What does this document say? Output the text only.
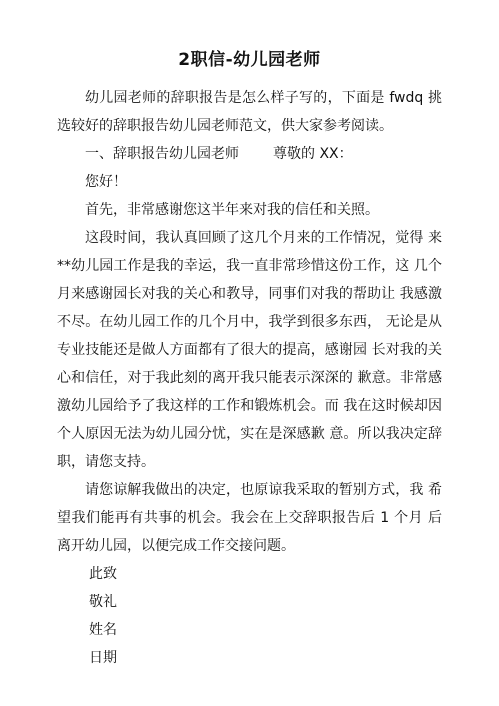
2职信-幼儿园老师

幼儿园老师的辞职报告是怎么样子写的，下面是 fwdq 挑选较好的辞职报告幼儿园老师范文，供大家参考阅读。

一、辞职报告幼儿园老师 尊敬的 XX：

您好！

首先，非常感谢您这半年来对我的信任和关照。

这段时间，我认真回顾了这几个月来的工作情况，觉得 来**幼儿园工作是我的幸运，我一直非常珍惜这份工作，这 几个月来感谢园长对我的关心和教导，同事们对我的帮助让 我感激不尽。在幼儿园工作的几个月中，我学到很多东西， 无论是从专业技能还是做人方面都有了很大的提高，感谢园 长对我的关心和信任，对于我此刻的离开我只能表示深深的 歉意。非常感激幼儿园给予了我这样的工作和锻炼机会。而 我在这时候却因个人原因无法为幼儿园分忧，实在是深感歉 意。所以我决定辞职，请您支持。

请您谅解我做出的决定，也原谅我采取的暂别方式，我 希望我们能再有共事的机会。我会在上交辞职报告后 1 个月 后离开幼儿园，以便完成工作交接问题。

此致

敬礼

姓名

日期
